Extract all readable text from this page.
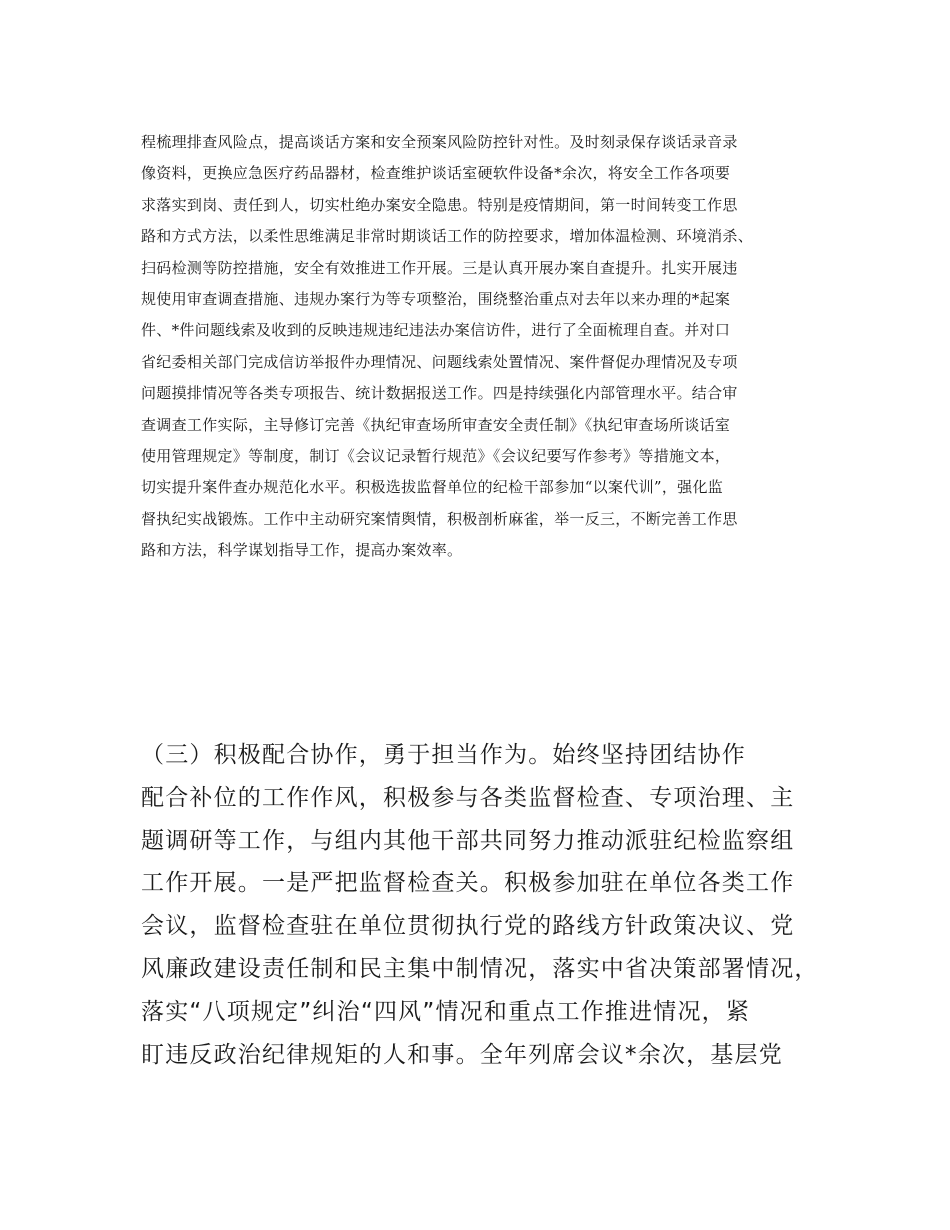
程梳理排查风险点，提高谈话方案和安全预案风险防控针对性。及时刻录保存谈话录音录
像资料，更换应急医疗药品器材，检查维护谈话室硬软件设备*余次，将安全工作各项要
求落实到岗、责任到人，切实杜绝办案安全隐患。特别是疫情期间，第一时间转变工作思
路和方式方法，以柔性思维满足非常时期谈话工作的防控要求，增加体温检测、环境消杀、
扫码检测等防控措施，安全有效推进工作开展。三是认真开展办案自查提升。扎实开展违
规使用审查调查措施、违规办案行为等专项整治，围绕整治重点对去年以来办理的*起案
件、*件问题线索及收到的反映违规违纪违法办案信访件，进行了全面梳理自查。并对口
省纪委相关部门完成信访举报件办理情况、问题线索处置情况、案件督促办理情况及专项
问题摸排情况等各类专项报告、统计数据报送工作。四是持续强化内部管理水平。结合审
查调查工作实际，主导修订完善《执纪审查场所审查安全责任制》《执纪审查场所谈话室
使用管理规定》等制度，制订《会议记录暂行规范》《会议纪要写作参考》等措施文本，
切实提升案件查办规范化水平。积极选拔监督单位的纪检干部参加“以案代训”，强化监
督执纪实战锻炼。工作中主动研究案情舆情，积极剖析麻雀，举一反三，不断完善工作思
路和方法，科学谋划指导工作，提高办案效率。
（三）积极配合协作，勇于担当作为。始终坚持团结协作
配合补位的工作作风，积极参与各类监督检查、专项治理、主
题调研等工作，与组内其他干部共同努力推动派驻纪检监察组
工作开展。一是严把监督检查关。积极参加驻在单位各类工作
会议，监督检查驻在单位贯彻执行党的路线方针政策决议、党
风廉政建设责任制和民主集中制情况，落实中省决策部署情况，
落实“八项规定”纠治“四风”情况和重点工作推进情况，紧
盯违反政治纪律规矩的人和事。全年列席会议*余次，基层党
